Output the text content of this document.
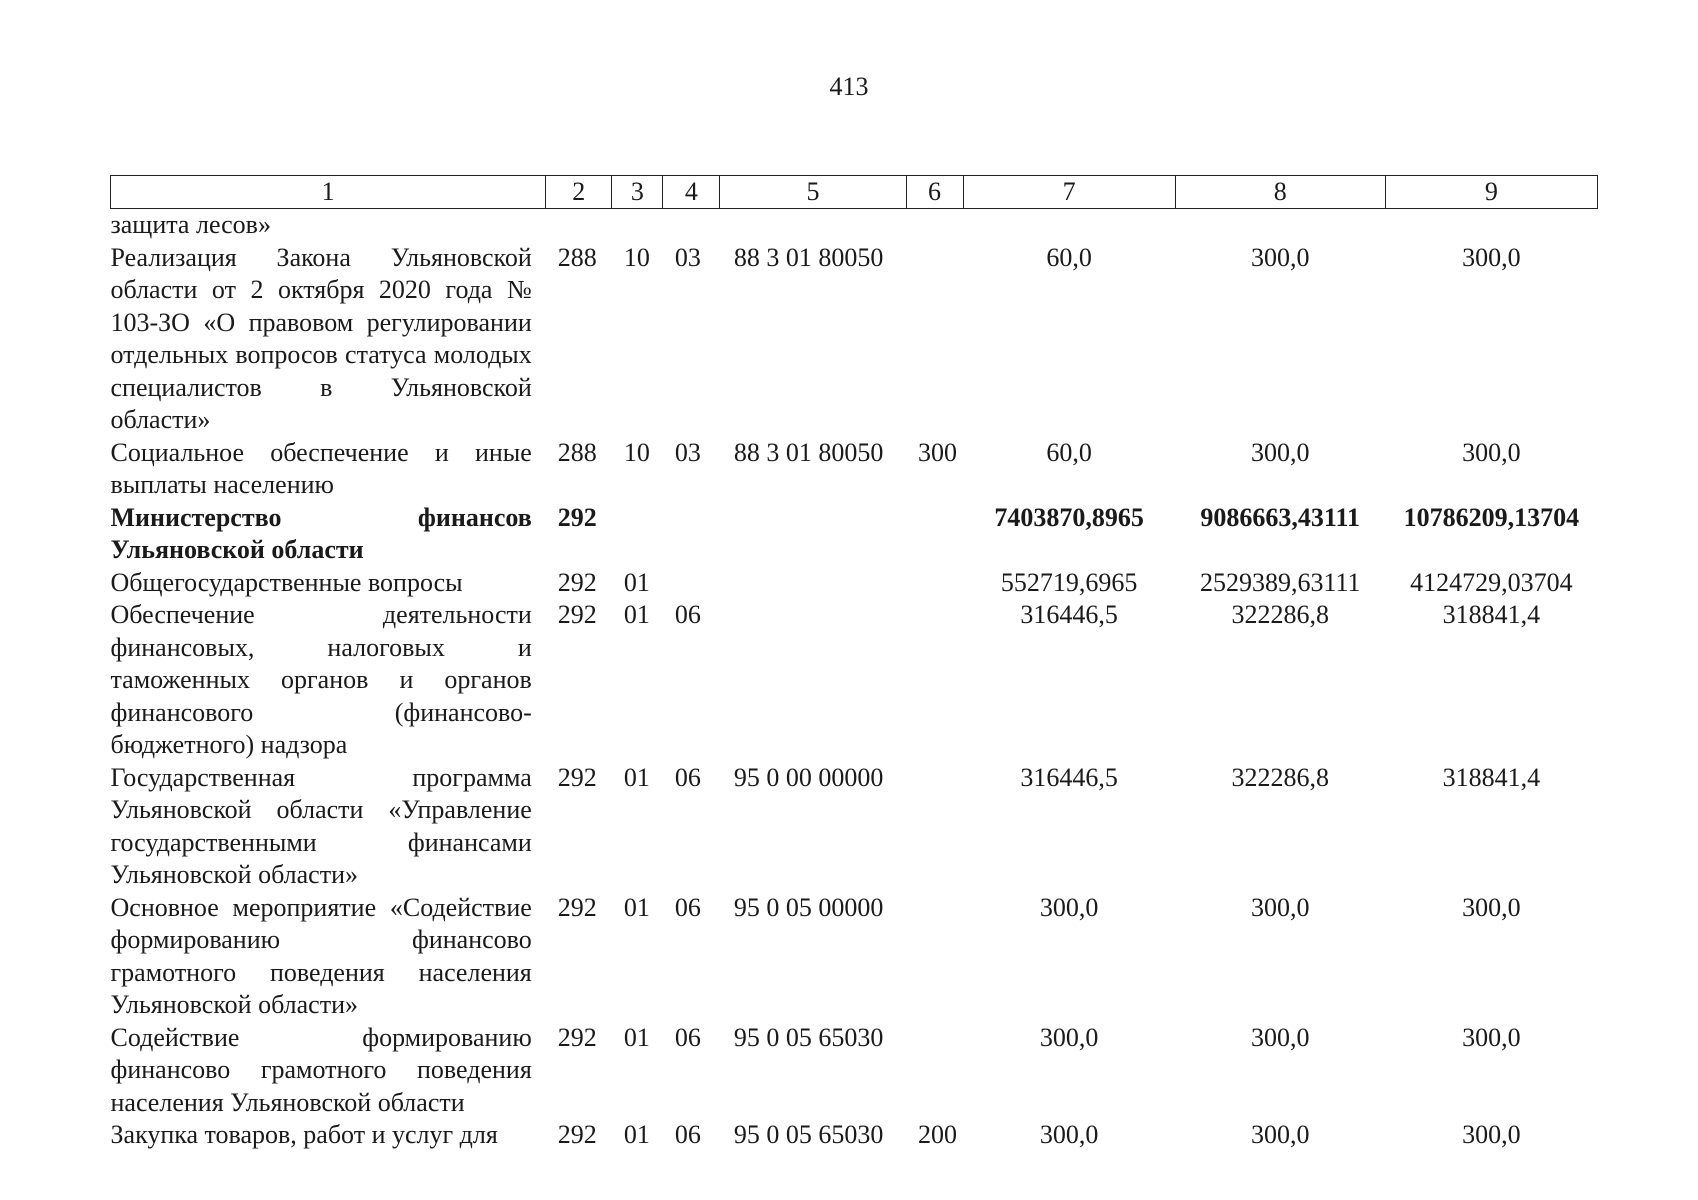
413
1	2	3	4	5	6	7	8	9
защита лесов»								
Реализация Закона Ульяновской области от 2 октября 2020 года № 103-ЗО «О правовом регулировании отдельных вопросов статуса молодых специалистов в Ульяновской области»	288	10	03	88 3 01 80050		60,0	300,0	300,0
Социальное обеспечение и иные выплаты населению	288	10	03	88 3 01 80050	300	60,0	300,0	300,0
Министерство финансов Ульяновской области	292					7403870,8965	9086663,43111	10786209,13704
Общегосударственные вопросы	292	01				552719,6965	2529389,63111	4124729,03704
Обеспечение деятельности финансовых, налоговых и таможенных органов и органов финансового (финансово-бюджетного) надзора	292	01	06			316446,5	322286,8	318841,4
Государственная программа Ульяновской области «Управление государственными финансами Ульяновской области»	292	01	06	95 0 00 00000		316446,5	322286,8	318841,4
Основное мероприятие «Содействие формированию финансово грамотного поведения населения Ульяновской области»	292	01	06	95 0 05 00000		300,0	300,0	300,0
Содействие формированию финансово грамотного поведения населения Ульяновской области	292	01	06	95 0 05 65030		300,0	300,0	300,0
Закупка товаров, работ и услуг для	292	01	06	95 0 05 65030	200	300,0	300,0	300,0
